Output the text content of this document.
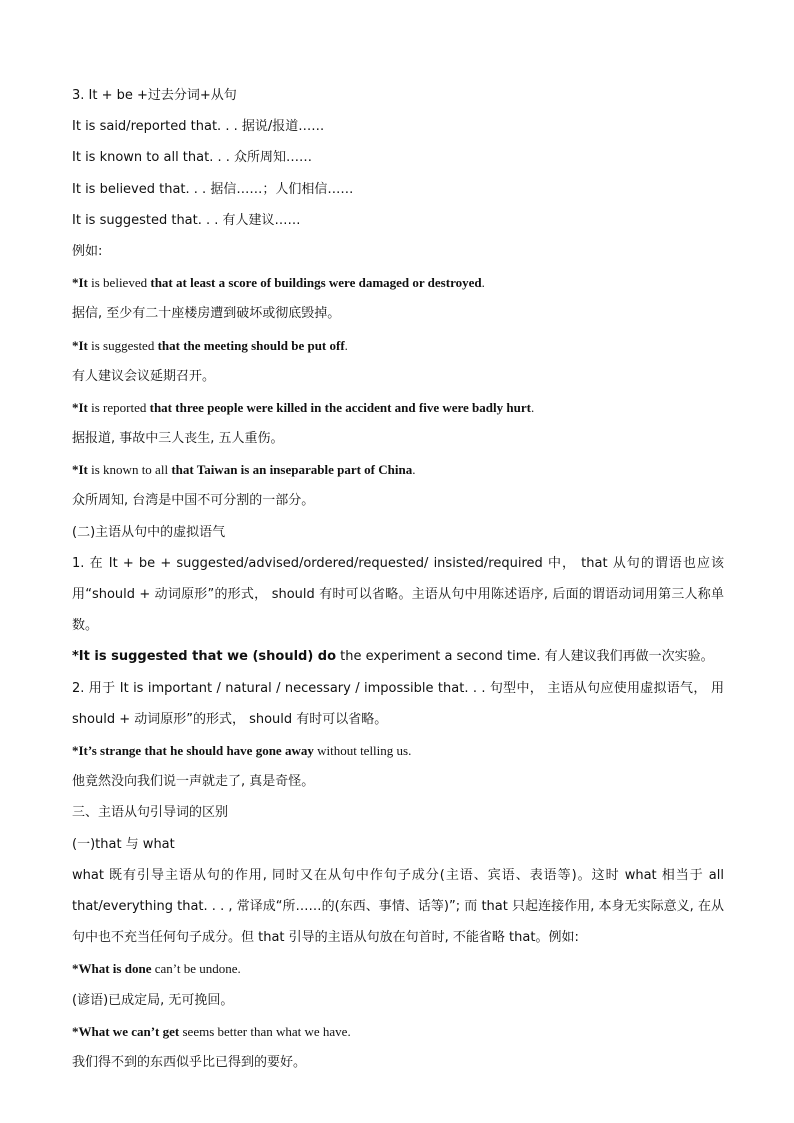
3. It + be +过去分词+从句
It is said/reported that. . . 据说/报道……
It is known to all that. . . 众所周知……
It is believed that. . . 据信……；人们相信……
It is suggested that. . . 有人建议……
例如:
*It is believed that at least a score of buildings were damaged or destroyed.
据信, 至少有二十座楼房遭到破坏或彻底毁掉。
*It is suggested that the meeting should be put off.
有人建议会议延期召开。
*It is reported that three people were killed in the accident and five were badly hurt.
据报道, 事故中三人丧生, 五人重伤。
*It is known to all that Taiwan is an inseparable part of China.
众所周知, 台湾是中国不可分割的一部分。
(二)主语从句中的虚拟语气
1. 在 It + be + suggested/advised/ordered/requested/ insisted/required 中， that 从句的谓语也应该用“should + 动词原形”的形式， should 有时可以省略。主语从句中用陈述语序, 后面的谓语动词用第三人称单数。
*It is suggested that we (should) do the experiment a second time. 有人建议我们再做一次实验。
2. 用于 It is important / natural / necessary / impossible that. . . 句型中， 主语从句应使用虚拟语气， 用should + 动词原形”的形式， should 有时可以省略。
*It’s strange that he should have gone away without telling us.
他竟然没向我们说一声就走了, 真是奇怪。
三、主语从句引导词的区别
(一)that 与 what
what 既有引导主语从句的作用, 同时又在从句中作句子成分(主语、宾语、表语等)。这时 what 相当于 all that/everything that. . . , 常译成“所……的(东西、事情、话等)”; 而 that 只起连接作用, 本身无实际意义, 在从句中也不充当任何句子成分。但 that 引导的主语从句放在句首时, 不能省略 that。例如:
*What is done can’t be undone.
(谚语)已成定局, 无可挽回。
*What we can’t get seems better than what we have.
我们得不到的东西似乎比已得到的要好。
